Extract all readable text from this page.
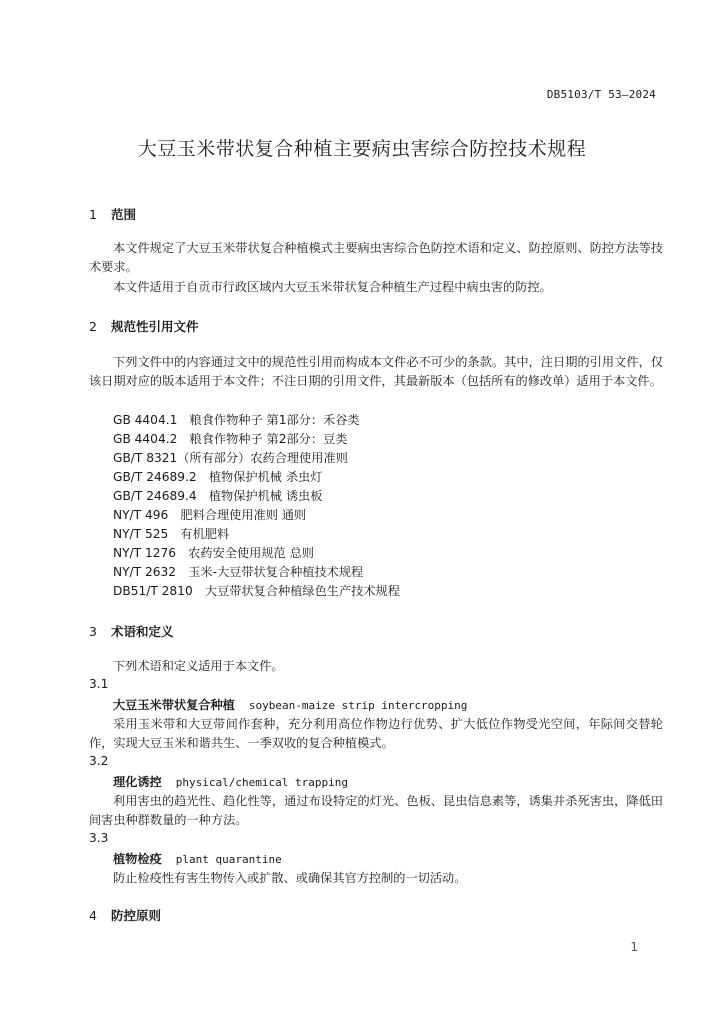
DB5103/T 53—2024
大豆玉米带状复合种植主要病虫害综合防控技术规程
1 范围
本文件规定了大豆玉米带状复合种植模式主要病虫害综合色防控术语和定义、防控原则、防控方法等技术要求。
本文件适用于自贡市行政区域内大豆玉米带状复合种植生产过程中病虫害的防控。
2 规范性引用文件
下列文件中的内容通过文中的规范性引用而构成本文件必不可少的条款。其中，注日期的引用文件，仅该日期对应的版本适用于本文件；不注日期的引用文件，其最新版本（包括所有的修改单）适用于本文件。
GB 4404.1　粮食作物种子 第1部分：禾谷类
GB 4404.2　粮食作物种子 第2部分：豆类
GB/T 8321（所有部分）农药合理使用准则
GB/T 24689.2　植物保护机械 杀虫灯
GB/T 24689.4　植物保护机械 诱虫板
NY/T 496　肥料合理使用准则 通则
NY/T 525　有机肥料
NY/T 1276　农药安全使用规范 总则
NY/T 2632　玉米-大豆带状复合种植技术规程
DB51/T 2810　大豆带状复合种植绿色生产技术规程
3 术语和定义
下列术语和定义适用于本文件。
3.1
大豆玉米带状复合种植 soybean-maize strip intercropping
采用玉米带和大豆带间作套种，充分利用高位作物边行优势、扩大低位作物受光空间，年际间交替轮作，实现大豆玉米和谐共生、一季双收的复合种植模式。
3.2
理化诱控 physical/chemical trapping
利用害虫的趋光性、趋化性等，通过布设特定的灯光、色板、昆虫信息素等，诱集并杀死害虫，降低田间害虫种群数量的一种方法。
3.3
植物检疫 plant quarantine
防止检疫性有害生物传入或扩散、或确保其官方控制的一切活动。
4 防控原则
1
